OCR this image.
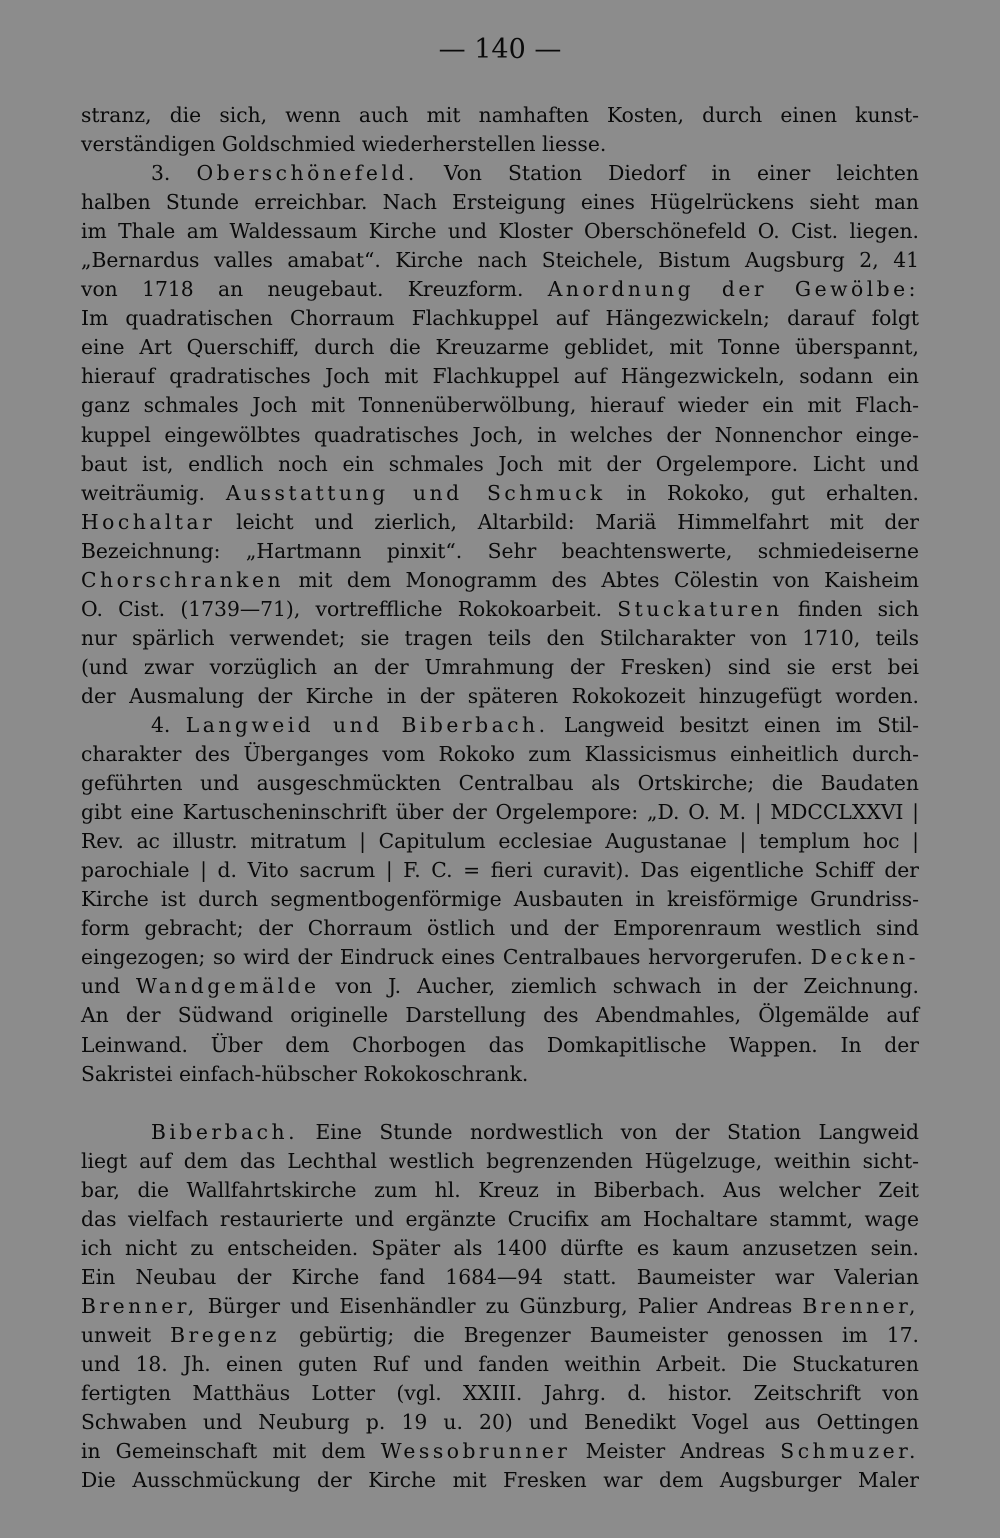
— 140 —
stranz, die sich, wenn auch mit namhaften Kosten, durch einen kunst-
verständigen Goldschmied wiederherstellen liesse.
3. Oberschönefeld. Von Station Diedorf in einer leichten
halben Stunde erreichbar. Nach Ersteigung eines Hügelrückens sieht man
im Thale am Waldessaum Kirche und Kloster Oberschönefeld O. Cist. liegen.
„Bernardus valles amabat“. Kirche nach Steichele, Bistum Augsburg 2, 41
von 1718 an neugebaut. Kreuzform. Anordnung der Gewölbe:
Im quadratischen Chorraum Flachkuppel auf Hängezwickeln; darauf folgt
eine Art Querschiff, durch die Kreuzarme geblidet, mit Tonne überspannt,
hierauf qradratisches Joch mit Flachkuppel auf Hängezwickeln, sodann ein
ganz schmales Joch mit Tonnenüberwölbung, hierauf wieder ein mit Flach-
kuppel eingewölbtes quadratisches Joch, in welches der Nonnenchor einge-
baut ist, endlich noch ein schmales Joch mit der Orgelempore. Licht und
weiträumig. Ausstattung und Schmuck in Rokoko, gut erhalten.
Hochaltar leicht und zierlich, Altarbild: Mariä Himmelfahrt mit der
Bezeichnung: „Hartmann pinxit“. Sehr beachtenswerte, schmiedeiserne
Chorschranken mit dem Monogramm des Abtes Cölestin von Kaisheim
O. Cist. (1739—71), vortreffliche Rokokoarbeit. Stuckaturen finden sich
nur spärlich verwendet; sie tragen teils den Stilcharakter von 1710, teils
(und zwar vorzüglich an der Umrahmung der Fresken) sind sie erst bei
der Ausmalung der Kirche in der späteren Rokokozeit hinzugefügt worden.
4. Langweid und Biberbach. Langweid besitzt einen im Stil-
charakter des Überganges vom Rokoko zum Klassicismus einheitlich durch-
geführten und ausgeschmückten Centralbau als Ortskirche; die Baudaten
gibt eine Kartuscheninschrift über der Orgelempore: „D. O. M. | MDCCLXXVI |
Rev. ac illustr. mitratum | Capitulum ecclesiae Augustanae | templum hoc |
parochiale | d. Vito sacrum | F. C. = fieri curavit). Das eigentliche Schiff der
Kirche ist durch segmentbogenförmige Ausbauten in kreisförmige Grundriss-
form gebracht; der Chorraum östlich und der Emporenraum westlich sind
eingezogen; so wird der Eindruck eines Centralbaues hervorgerufen. Decken-
und Wandgemälde von J. Aucher, ziemlich schwach in der Zeichnung.
An der Südwand originelle Darstellung des Abendmahles, Ölgemälde auf
Leinwand. Über dem Chorbogen das Domkapitlische Wappen. In der
Sakristei einfach-hübscher Rokokoschrank.
Biberbach. Eine Stunde nordwestlich von der Station Langweid
liegt auf dem das Lechthal westlich begrenzenden Hügelzuge, weithin sicht-
bar, die Wallfahrtskirche zum hl. Kreuz in Biberbach. Aus welcher Zeit
das vielfach restaurierte und ergänzte Crucifix am Hochaltare stammt, wage
ich nicht zu entscheiden. Später als 1400 dürfte es kaum anzusetzen sein.
Ein Neubau der Kirche fand 1684—94 statt. Baumeister war Valerian
Brenner, Bürger und Eisenhändler zu Günzburg, Palier Andreas Brenner,
unweit Bregenz gebürtig; die Bregenzer Baumeister genossen im 17.
und 18. Jh. einen guten Ruf und fanden weithin Arbeit. Die Stuckaturen
fertigten Matthäus Lotter (vgl. XXIII. Jahrg. d. histor. Zeitschrift von
Schwaben und Neuburg p. 19 u. 20) und Benedikt Vogel aus Oettingen
in Gemeinschaft mit dem Wessobrunner Meister Andreas Schmuzer.
Die Ausschmückung der Kirche mit Fresken war dem Augsburger Maler
